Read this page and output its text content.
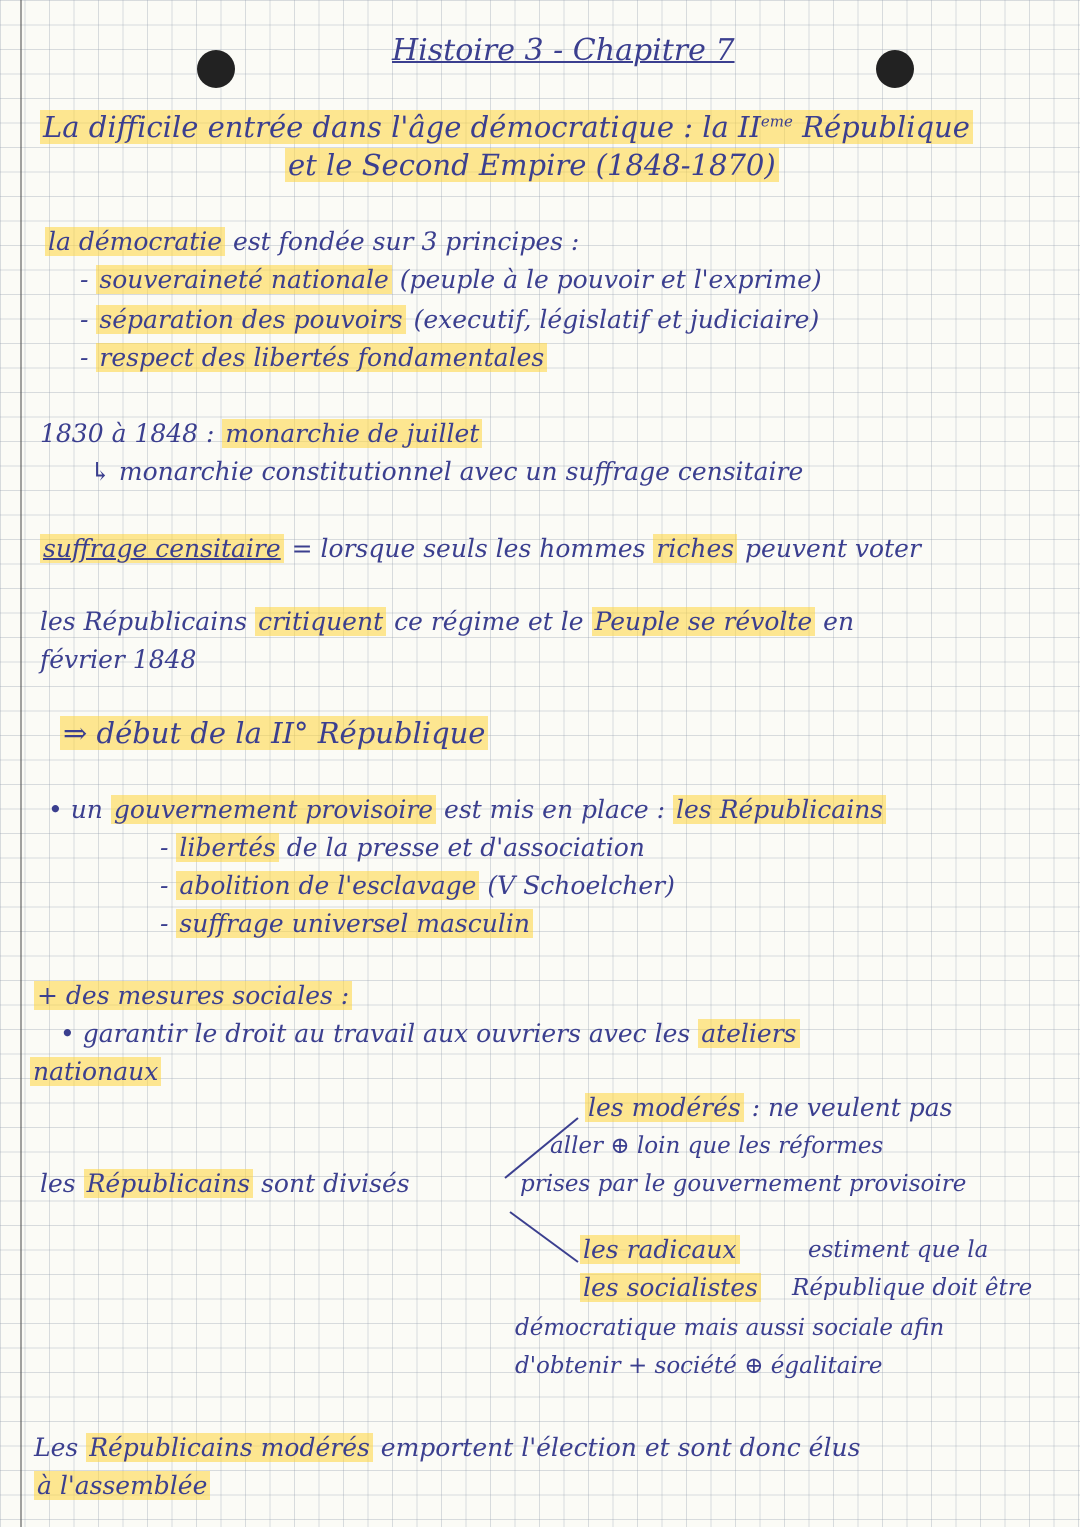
Histoire 3 - Chapitre 7
La difficile entrée dans l'âge démocratique : la IIeme République
et le Second Empire (1848-1870)
la démocratie est fondée sur 3 principes :
- souveraineté nationale (peuple à le pouvoir et l'exprime)
- séparation des pouvoirs (executif, législatif et judiciaire)
- respect des libertés fondamentales
1830 à 1848 : monarchie de juillet
↳ monarchie constitutionnel avec un suffrage censitaire
suffrage censitaire = lorsque seuls les hommes riches peuvent voter
les Républicains critiquent ce régime et le Peuple se révolte en
février 1848
⇒ début de la II° République
• un gouvernement provisoire est mis en place : les Républicains
- libertés de la presse et d'association
- abolition de l'esclavage (V Schoelcher)
- suffrage universel masculin
+ des mesures sociales :
• garantir le droit au travail aux ouvriers avec les ateliers
nationaux
les modérés : ne veulent pas
aller ⊕ loin que les réformes
prises par le gouvernement provisoire
les Républicains sont divisés
les radicaux
les socialistes
estiment que la
République doit être
démocratique mais aussi sociale afin
d'obtenir + société ⊕ égalitaire
Les Républicains modérés emportent l'élection et sont donc élus
à l'assemblée
